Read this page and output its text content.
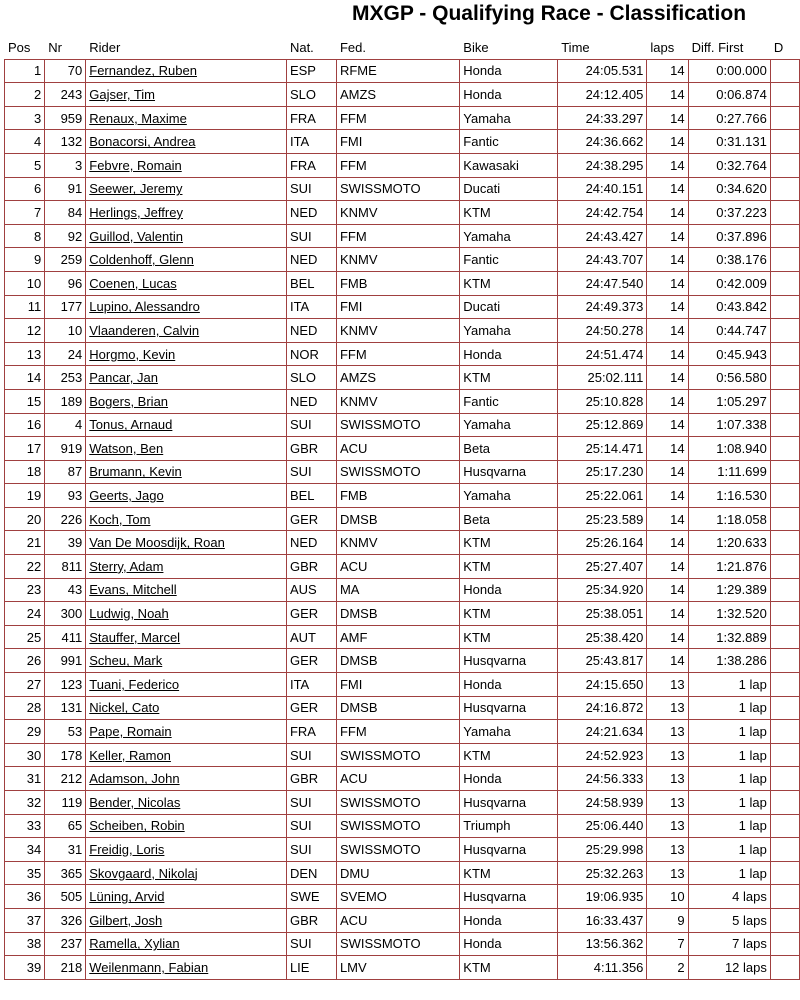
MXGP - Qualifying Race - Classification
Pos	Nr	Rider	Nat.	Fed.	Bike	Time	laps	Diff. First	D
1	70	Fernandez, Ruben	ESP	RFME	Honda	24:05.531	14	0:00.000	
2	243	Gajser, Tim	SLO	AMZS	Honda	24:12.405	14	0:06.874	
3	959	Renaux, Maxime	FRA	FFM	Yamaha	24:33.297	14	0:27.766	
4	132	Bonacorsi, Andrea	ITA	FMI	Fantic	24:36.662	14	0:31.131	
5	3	Febvre, Romain	FRA	FFM	Kawasaki	24:38.295	14	0:32.764	
6	91	Seewer, Jeremy	SUI	SWISSMOTO	Ducati	24:40.151	14	0:34.620	
7	84	Herlings, Jeffrey	NED	KNMV	KTM	24:42.754	14	0:37.223	
8	92	Guillod, Valentin	SUI	FFM	Yamaha	24:43.427	14	0:37.896	
9	259	Coldenhoff, Glenn	NED	KNMV	Fantic	24:43.707	14	0:38.176	
10	96	Coenen, Lucas	BEL	FMB	KTM	24:47.540	14	0:42.009	
11	177	Lupino, Alessandro	ITA	FMI	Ducati	24:49.373	14	0:43.842	
12	10	Vlaanderen, Calvin	NED	KNMV	Yamaha	24:50.278	14	0:44.747	
13	24	Horgmo, Kevin	NOR	FFM	Honda	24:51.474	14	0:45.943	
14	253	Pancar, Jan	SLO	AMZS	KTM	25:02.111	14	0:56.580	
15	189	Bogers, Brian	NED	KNMV	Fantic	25:10.828	14	1:05.297	
16	4	Tonus, Arnaud	SUI	SWISSMOTO	Yamaha	25:12.869	14	1:07.338	
17	919	Watson, Ben	GBR	ACU	Beta	25:14.471	14	1:08.940	
18	87	Brumann, Kevin	SUI	SWISSMOTO	Husqvarna	25:17.230	14	1:11.699	
19	93	Geerts, Jago	BEL	FMB	Yamaha	25:22.061	14	1:16.530	
20	226	Koch, Tom	GER	DMSB	Beta	25:23.589	14	1:18.058	
21	39	Van De Moosdijk, Roan	NED	KNMV	KTM	25:26.164	14	1:20.633	
22	811	Sterry, Adam	GBR	ACU	KTM	25:27.407	14	1:21.876	
23	43	Evans, Mitchell	AUS	MA	Honda	25:34.920	14	1:29.389	
24	300	Ludwig, Noah	GER	DMSB	KTM	25:38.051	14	1:32.520	
25	411	Stauffer, Marcel	AUT	AMF	KTM	25:38.420	14	1:32.889	
26	991	Scheu, Mark	GER	DMSB	Husqvarna	25:43.817	14	1:38.286	
27	123	Tuani, Federico	ITA	FMI	Honda	24:15.650	13	1 lap	
28	131	Nickel, Cato	GER	DMSB	Husqvarna	24:16.872	13	1 lap	
29	53	Pape, Romain	FRA	FFM	Yamaha	24:21.634	13	1 lap	
30	178	Keller, Ramon	SUI	SWISSMOTO	KTM	24:52.923	13	1 lap	
31	212	Adamson, John	GBR	ACU	Honda	24:56.333	13	1 lap	
32	119	Bender, Nicolas	SUI	SWISSMOTO	Husqvarna	24:58.939	13	1 lap	
33	65	Scheiben, Robin	SUI	SWISSMOTO	Triumph	25:06.440	13	1 lap	
34	31	Freidig, Loris	SUI	SWISSMOTO	Husqvarna	25:29.998	13	1 lap	
35	365	Skovgaard, Nikolaj	DEN	DMU	KTM	25:32.263	13	1 lap	
36	505	Lüning, Arvid	SWE	SVEMO	Husqvarna	19:06.935	10	4 laps	
37	326	Gilbert, Josh	GBR	ACU	Honda	16:33.437	9	5 laps	
38	237	Ramella, Xylian	SUI	SWISSMOTO	Honda	13:56.362	7	7 laps	
39	218	Weilenmann, Fabian	LIE	LMV	KTM	4:11.356	2	12 laps	
